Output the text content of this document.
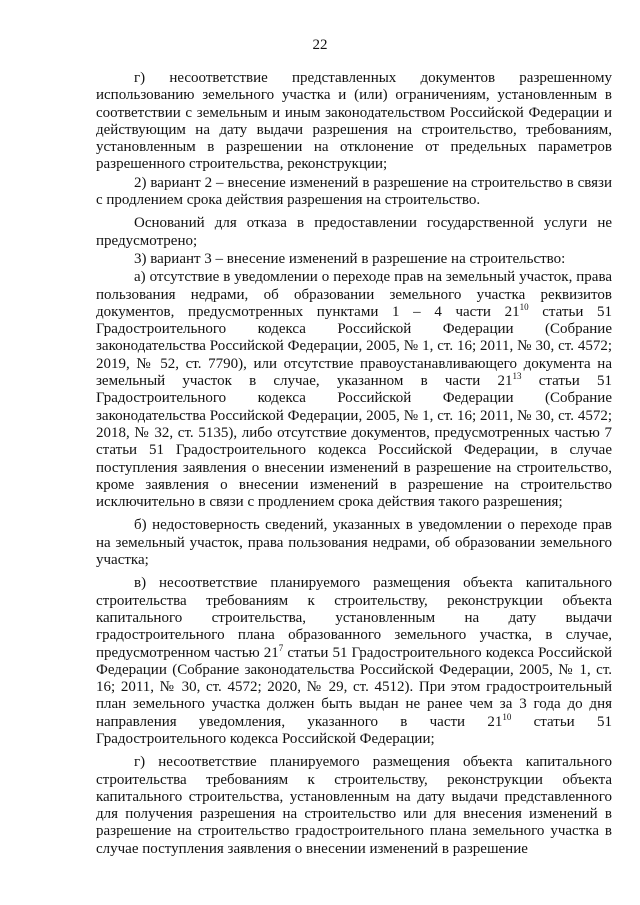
22

г) несоответствие представленных документов разрешенному использованию земельного участка и (или) ограничениям, установленным в соответствии с земельным и иным законодательством Российской Федерации и действующим на дату выдачи разрешения на строительство, требованиям, установленным в разрешении на отклонение от предельных параметров разрешенного строительства, реконструкции;

2) вариант 2 – внесение изменений в разрешение на строительство в связи с продлением срока действия разрешения на строительство.

Оснований для отказа в предоставлении государственной услуги не предусмотрено;

3) вариант 3 – внесение изменений в разрешение на строительство:

а) отсутствие в уведомлении о переходе прав на земельный участок, права пользования недрами, об образовании земельного участка реквизитов документов, предусмотренных пунктами 1 – 4 части $21^{10}$ статьи 51 Градостроительного кодекса Российской Федерации (Собрание законодательства Российской Федерации, 2005, № 1, ст. 16; 2011, № 30, ст. 4572; 2019, № 52, ст. 7790), или отсутствие правоустанавливающего документа на земельный участок в случае, указанном в части $21^{13}$ статьи 51 Градостроительного кодекса Российской Федерации (Собрание законодательства Российской Федерации, 2005, № 1, ст. 16; 2011, № 30, ст. 4572; 2018, № 32, ст. 5135), либо отсутствие документов, предусмотренных частью 7 статьи 51 Градостроительного кодекса Российской Федерации, в случае поступления заявления о внесении изменений в разрешение на строительство, кроме заявления о внесении изменений в разрешение на строительство исключительно в связи с продлением срока действия такого разрешения;

б) недостоверность сведений, указанных в уведомлении о переходе прав на земельный участок, права пользования недрами, об образовании земельного участка;

в) несоответствие планируемого размещения объекта капитального строительства требованиям к строительству, реконструкции объекта капитального строительства, установленным на дату выдачи градостроительного плана образованного земельного участка, в случае, предусмотренном частью $21^7$ статьи 51 Градостроительного кодекса Российской Федерации (Собрание законодательства Российской Федерации, 2005, № 1, ст. 16; 2011, № 30, ст. 4572; 2020, № 29, ст. 4512). При этом градостроительный план земельного участка должен быть выдан не ранее чем за 3 года до дня направления уведомления, указанного в части $21^{10}$ статьи 51 Градостроительного кодекса Российской Федерации;

г) несоответствие планируемого размещения объекта капитального строительства требованиям к строительству, реконструкции объекта капитального строительства, установленным на дату выдачи представленного для получения разрешения на строительство или для внесения изменений в разрешение на строительство градостроительного плана земельного участка в случае поступления заявления о внесении изменений в разрешение
